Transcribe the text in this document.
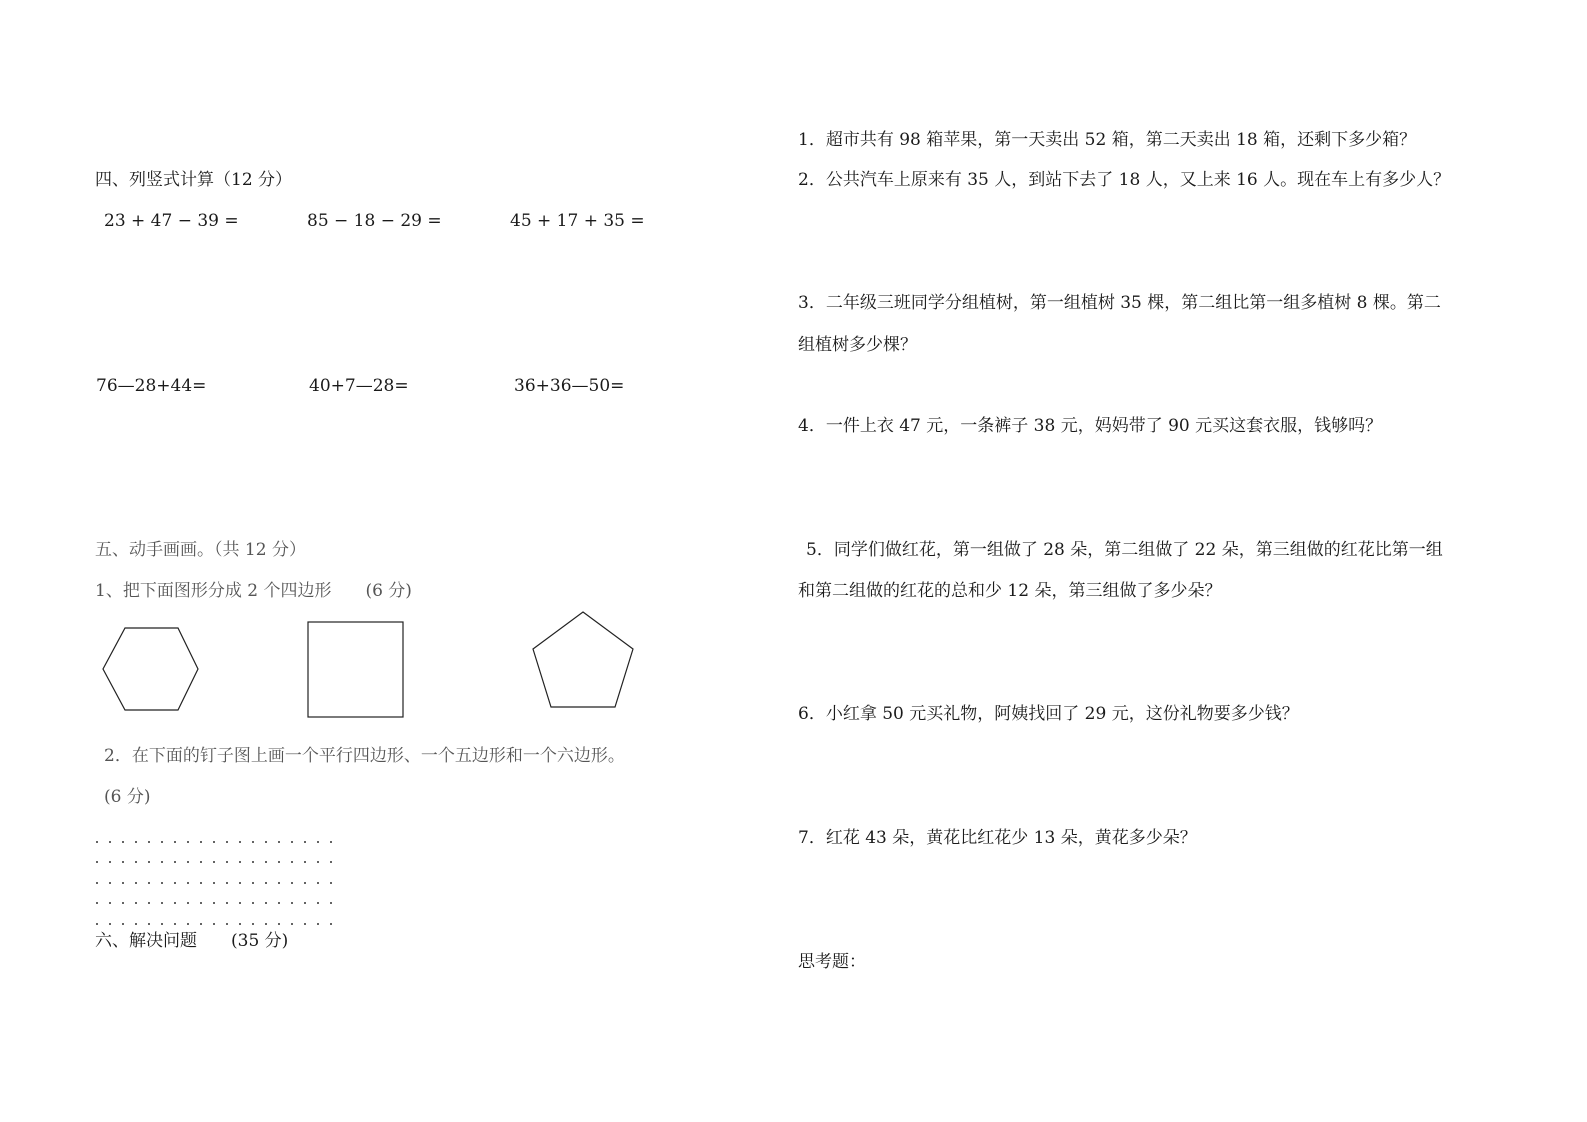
四、列竖式计算（12 分）
23 + 47 − 39 =	85 − 18 − 29 =	45 + 17 + 35 =
76—28+44=	40+7—28=	36+36—50=
五、动手画画。（共 12 分）
1、把下面图形分成 2 个四边形　　(6 分)
2．在下面的钉子图上画一个平行四边形、一个五边形和一个六边形。
(6 分)
六、解决问题　　(35 分)
1．超市共有 98 箱苹果，第一天卖出 52 箱，第二天卖出 18 箱，还剩下多少箱？
2．公共汽车上原来有 35 人，到站下去了 18 人，又上来 16 人。现在车上有多少人？
3．二年级三班同学分组植树，第一组植树 35 棵，第二组比第一组多植树 8 棵。第二
组植树多少棵？
4．一件上衣 47 元，一条裤子 38 元，妈妈带了 90 元买这套衣服，钱够吗？
5．同学们做红花，第一组做了 28 朵，第二组做了 22 朵，第三组做的红花比第一组
和第二组做的红花的总和少 12 朵，第三组做了多少朵？
6．小红拿 50 元买礼物，阿姨找回了 29 元，这份礼物要多少钱？
7．红花 43 朵，黄花比红花少 13 朵，黄花多少朵？
思考题：
